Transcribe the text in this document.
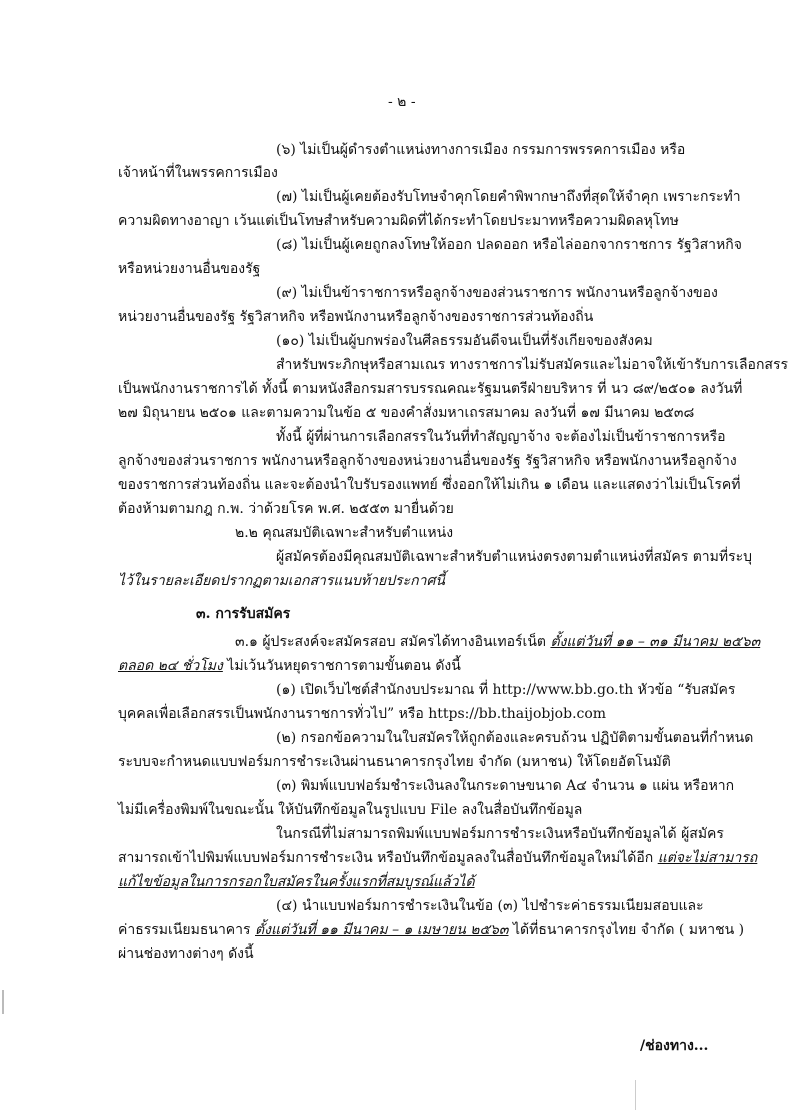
- ๒ -
(๖) ไม่เป็นผู้ดำรงตำแหน่งทางการเมือง กรรมการพรรคการเมือง หรือ
เจ้าหน้าที่ในพรรคการเมือง
(๗) ไม่เป็นผู้เคยต้องรับโทษจำคุกโดยคำพิพากษาถึงที่สุดให้จำคุก เพราะกระทำ
ความผิดทางอาญา เว้นแต่เป็นโทษสำหรับความผิดที่ได้กระทำโดยประมาทหรือความผิดลหุโทษ
(๘) ไม่เป็นผู้เคยถูกลงโทษให้ออก ปลดออก หรือไล่ออกจากราชการ รัฐวิสาหกิจ
หรือหน่วยงานอื่นของรัฐ
(๙) ไม่เป็นข้าราชการหรือลูกจ้างของส่วนราชการ พนักงานหรือลูกจ้างของ
หน่วยงานอื่นของรัฐ รัฐวิสาหกิจ หรือพนักงานหรือลูกจ้างของราชการส่วนท้องถิ่น
(๑๐) ไม่เป็นผู้บกพร่องในศีลธรรมอันดีจนเป็นที่รังเกียจของสังคม
สำหรับพระภิกษุหรือสามเณร ทางราชการไม่รับสมัครและไม่อาจให้เข้ารับการเลือกสรร
เป็นพนักงานราชการได้ ทั้งนี้ ตามหนังสือกรมสารบรรณคณะรัฐมนตรีฝ่ายบริหาร ที่ นว ๘๙/๒๕๐๑ ลงวันที่
๒๗ มิถุนายน ๒๕๐๑ และตามความในข้อ ๕ ของคำสั่งมหาเถรสมาคม ลงวันที่ ๑๗ มีนาคม ๒๕๓๘
ทั้งนี้ ผู้ที่ผ่านการเลือกสรรในวันที่ทำสัญญาจ้าง จะต้องไม่เป็นข้าราชการหรือ
ลูกจ้างของส่วนราชการ พนักงานหรือลูกจ้างของหน่วยงานอื่นของรัฐ รัฐวิสาหกิจ หรือพนักงานหรือลูกจ้าง
ของราชการส่วนท้องถิ่น และจะต้องนำใบรับรองแพทย์ ซึ่งออกให้ไม่เกิน ๑ เดือน และแสดงว่าไม่เป็นโรคที่
ต้องห้ามตามกฎ ก.พ. ว่าด้วยโรค พ.ศ. ๒๕๕๓ มายื่นด้วย
๒.๒ คุณสมบัติเฉพาะสำหรับตำแหน่ง
ผู้สมัครต้องมีคุณสมบัติเฉพาะสำหรับตำแหน่งตรงตามตำแหน่งที่สมัคร ตามที่ระบุ
ไว้ในรายละเอียดปรากฏตามเอกสารแนบท้ายประกาศนี้
๓. การรับสมัคร
๓.๑ ผู้ประสงค์จะสมัครสอบ สมัครได้ทางอินเทอร์เน็ต ตั้งแต่วันที่ ๑๑ – ๓๑ มีนาคม ๒๕๖๓
ตลอด ๒๔ ชั่วโมง ไม่เว้นวันหยุดราชการตามขั้นตอน ดังนี้
(๑) เปิดเว็บไซต์สำนักงบประมาณ ที่ http://www.bb.go.th หัวข้อ “รับสมัคร
บุคคลเพื่อเลือกสรรเป็นพนักงานราชการทั่วไป” หรือ https://bb.thaijobjob.com
(๒) กรอกข้อความในใบสมัครให้ถูกต้องและครบถ้วน ปฏิบัติตามขั้นตอนที่กำหนด
ระบบจะกำหนดแบบฟอร์มการชำระเงินผ่านธนาคารกรุงไทย จำกัด (มหาชน) ให้โดยอัตโนมัติ
(๓) พิมพ์แบบฟอร์มชำระเงินลงในกระดาษขนาด A๔ จำนวน ๑ แผ่น หรือหาก
ไม่มีเครื่องพิมพ์ในขณะนั้น ให้บันทึกข้อมูลในรูปแบบ File ลงในสื่อบันทึกข้อมูล
ในกรณีที่ไม่สามารถพิมพ์แบบฟอร์มการชำระเงินหรือบันทึกข้อมูลได้ ผู้สมัคร
สามารถเข้าไปพิมพ์แบบฟอร์มการชำระเงิน หรือบันทึกข้อมูลลงในสื่อบันทึกข้อมูลใหม่ได้อีก แต่จะไม่สามารถ
แก้ไขข้อมูลในการกรอกใบสมัครในครั้งแรกที่สมบูรณ์แล้วได้
(๔) นำแบบฟอร์มการชำระเงินในข้อ (๓) ไปชำระค่าธรรมเนียมสอบและ
ค่าธรรมเนียมธนาคาร ตั้งแต่วันที่ ๑๑ มีนาคม – ๑ เมษายน ๒๕๖๓ ได้ที่ธนาคารกรุงไทย จำกัด ( มหาชน )
ผ่านช่องทางต่างๆ ดังนี้
/ช่องทาง...
